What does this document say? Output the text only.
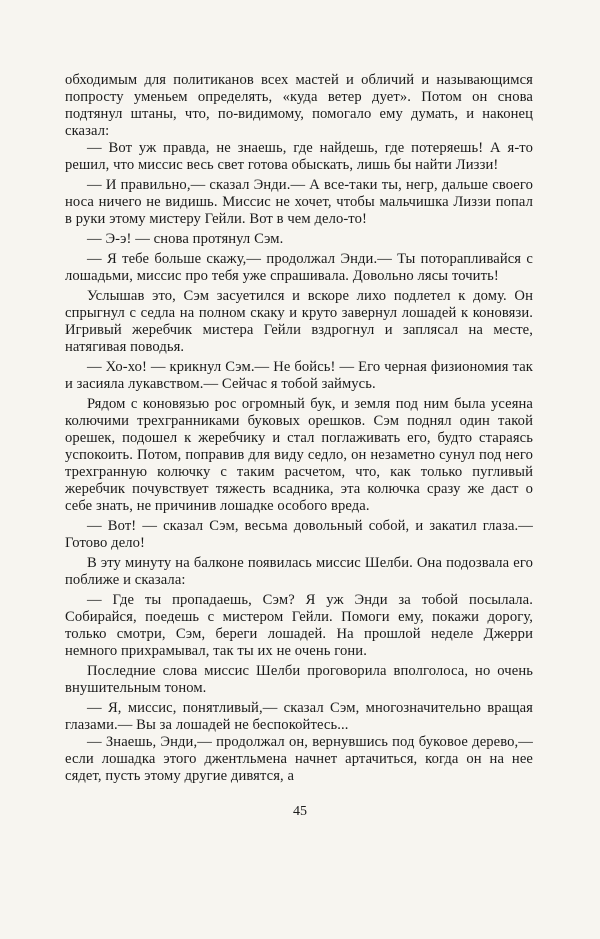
обходимым для политиканов всех мастей и обличий и называющимся попросту уменьем определять, «куда ветер дует». Потом он снова подтянул штаны, что, по-видимому, помогало ему думать, и наконец сказал:

— Вот уж правда, не знаешь, где найдешь, где потеряешь! А я-то решил, что миссис весь свет готова обыскать, лишь бы найти Лиззи!

— И правильно,— сказал Энди.— А все-таки ты, негр, дальше своего носа ничего не видишь. Миссис не хочет, чтобы мальчишка Лиззи попал в руки этому мистеру Гейли. Вот в чем дело-то!

— Э-э! — снова протянул Сэм.

— Я тебе больше скажу,— продолжал Энди.— Ты поторапливайся с лошадьми, миссис про тебя уже спрашивала. Довольно лясы точить!

Услышав это, Сэм засуетился и вскоре лихо подлетел к дому. Он спрыгнул с седла на полном скаку и круто завернул лошадей к коновязи. Игривый жеребчик мистера Гейли вздрогнул и заплясал на месте, натягивая поводья.

— Хо-хо! — крикнул Сэм.— Не бойсь! — Его черная физиономия так и засияла лукавством.— Сейчас я тобой займусь.

Рядом с коновязью рос огромный бук, и земля под ним была усеяна колючими трехгранниками буковых орешков. Сэм поднял один такой орешек, подошел к жеребчику и стал поглаживать его, будто стараясь успокоить. Потом, поправив для виду седло, он незаметно сунул под него трехгранную колючку с таким расчетом, что, как только пугливый жеребчик почувствует тяжесть всадника, эта колючка сразу же даст о себе знать, не причинив лошадке особого вреда.

— Вот! — сказал Сэм, весьма довольный собой, и закатил глаза.— Готово дело!

В эту минуту на балконе появилась миссис Шелби. Она подозвала его поближе и сказала:

— Где ты пропадаешь, Сэм? Я уж Энди за тобой посылала. Собирайся, поедешь с мистером Гейли. Помоги ему, покажи дорогу, только смотри, Сэм, береги лошадей. На прошлой неделе Джерри немного прихрамывал, так ты их не очень гони.

Последние слова миссис Шелби проговорила вполголоса, но очень внушительным тоном.

— Я, миссис, понятливый,— сказал Сэм, многозначительно вращая глазами.— Вы за лошадей не беспокойтесь...

— Знаешь, Энди,— продолжал он, вернувшись под буковое дерево,— если лошадка этого джентльмена начнет артачиться, когда он на нее сядет, пусть этому другие дивятся, а

45
